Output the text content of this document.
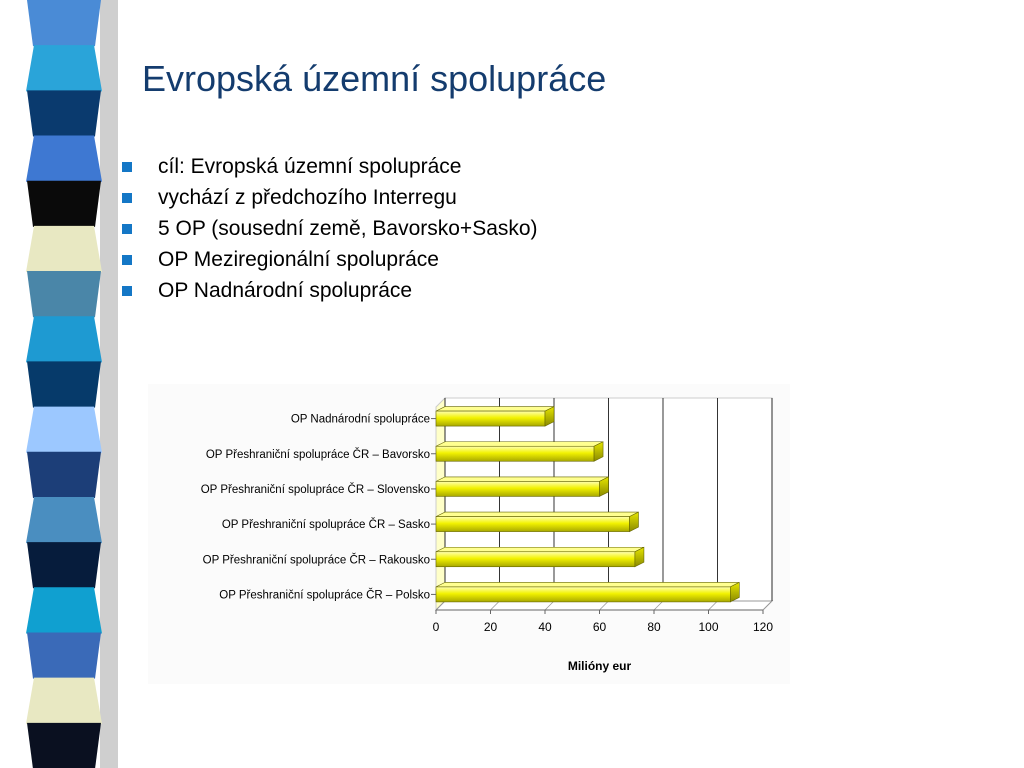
Evropská územní spolupráce
cíl: Evropská územní spolupráce
vychází z předchozího Interregu
5 OP (sousední země, Bavorsko+Sasko)
OP Meziregionální spolupráce
OP Nadnárodní spolupráce
0	20	40	60	80	100	120
Milióny eur
OP Nadnárodní spolupráce
OP Přeshraniční spolupráce ČR – Bavorsko
OP Přeshraniční spolupráce ČR – Slovensko
OP Přeshraniční spolupráce ČR – Sasko
OP Přeshraniční spolupráce ČR – Rakousko
OP Přeshraniční spolupráce ČR – Polsko
